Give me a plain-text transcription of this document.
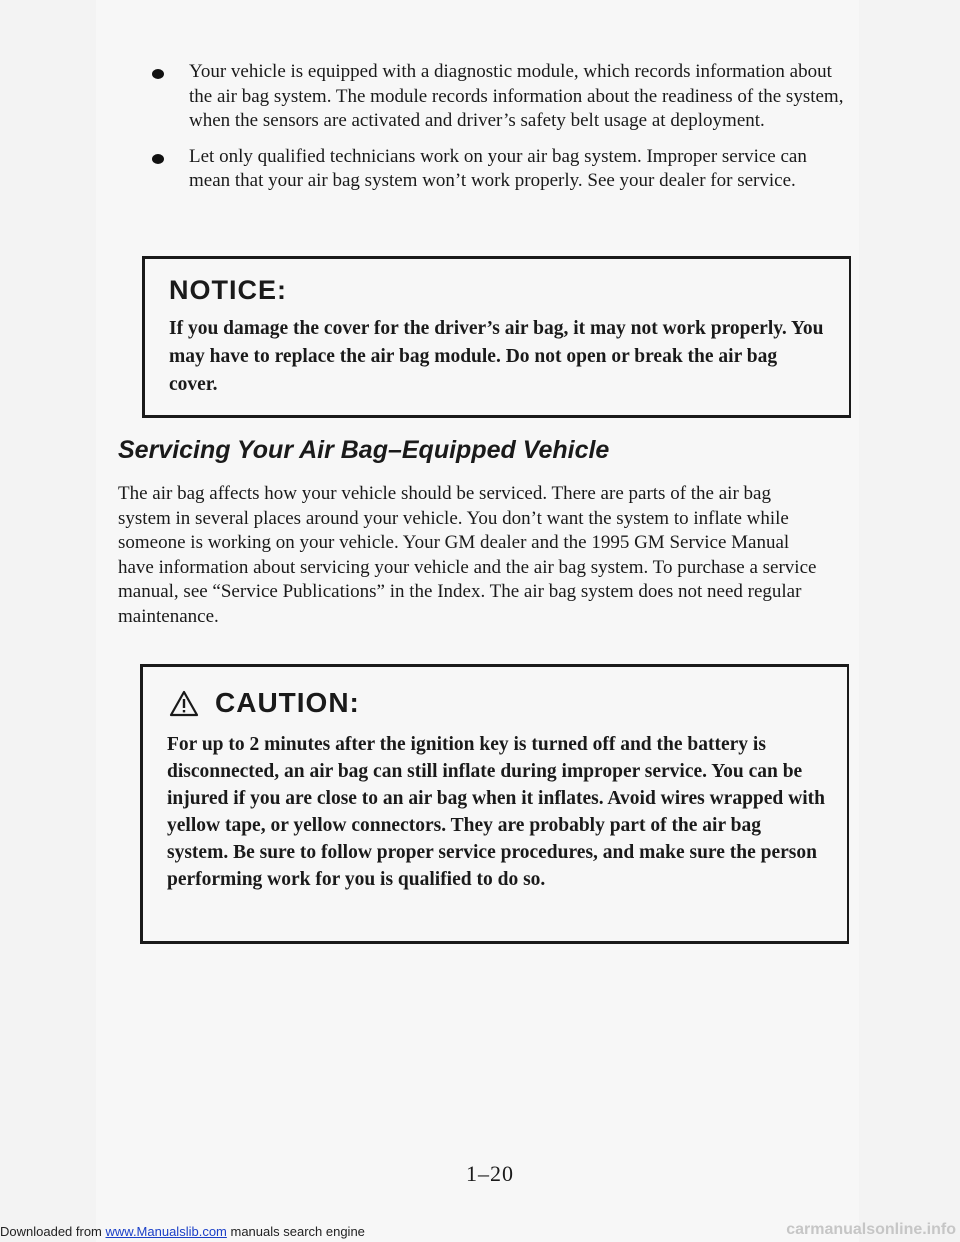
Your vehicle is equipped with a diagnostic module, which records information about the air bag system. The module records information about the readiness of the system, when the sensors are activated and driver’s safety belt usage at deployment.
Let only qualified technicians work on your air bag system. Improper service can mean that your air bag system won’t work properly. See your dealer for service.
NOTICE:

If you damage the cover for the driver’s air bag, it may not work properly. You may have to replace the air bag module. Do not open or break the air bag cover.

Servicing Your Air Bag–Equipped Vehicle

The air bag affects how your vehicle should be serviced. There are parts of the air bag system in several places around your vehicle. You don’t want the system to inflate while someone is working on your vehicle. Your GM dealer and the 1995 GM Service Manual have information about servicing your vehicle and the air bag system. To purchase a service manual, see “Service Publications” in the Index. The air bag system does not need regular maintenance.

CAUTION:

For up to 2 minutes after the ignition key is turned off and the battery is disconnected, an air bag can still inflate during improper service. You can be injured if you are close to an air bag when it inflates. Avoid wires wrapped with yellow tape, or yellow connectors. They are probably part of the air bag system. Be sure to follow proper service procedures, and make sure the person performing work for you is qualified to do so.

1–20
Downloaded from www.Manualslib.com manuals search engine	carmanualsonline.info
